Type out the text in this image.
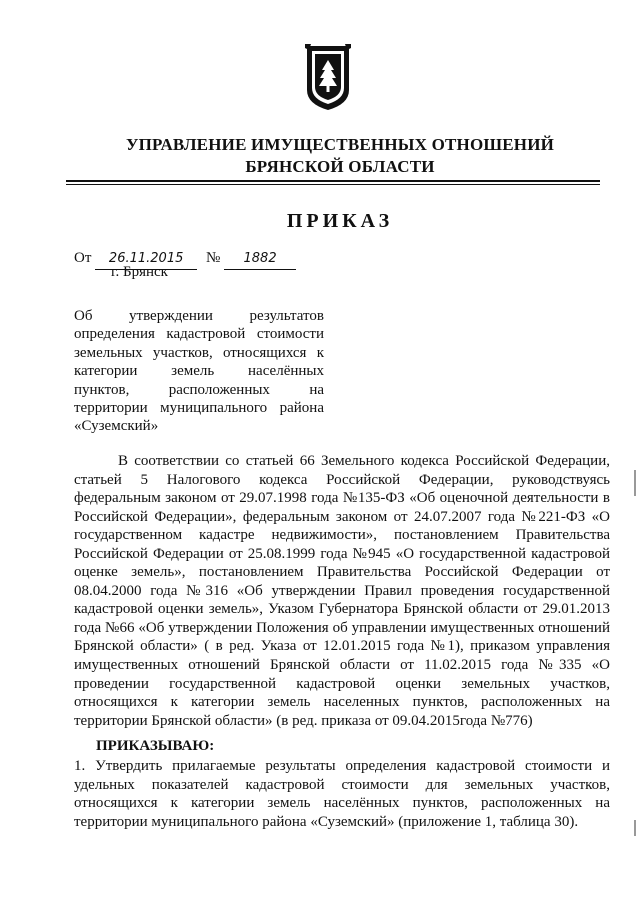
УПРАВЛЕНИЕ ИМУЩЕСТВЕННЫХ ОТНОШЕНИЙ
БРЯНСКОЙ ОБЛАСТИ
ПРИКАЗ
От 26.11.2015	№ 1882
г. Брянск
Об утверждении результатов
определения кадастровой стоимости
земельных участков, относящихся к
категории земель населённых
пунктов, расположенных на
территории муниципального района
«Суземский»
В соответствии со статьей 66 Земельного кодекса Российской Федерации,
статьей 5 Налогового кодекса Российской Федерации, руководствуясь
федеральным законом от 29.07.1998 года №135-ФЗ «Об оценочной деятельности в
Российской Федерации», федеральным законом от 24.07.2007 года №221-ФЗ «О
государственном кадастре недвижимости», постановлением Правительства
Российской Федерации от 25.08.1999 года №945 «О государственной кадастровой
оценке земель», постановлением Правительства Российской Федерации от
08.04.2000 года №316 «Об утверждении Правил проведения государственной
кадастровой оценки земель», Указом Губернатора Брянской области от 29.01.2013
года №66 «Об утверждении Положения об управлении имущественных отношений
Брянской области» ( в ред. Указа от 12.01.2015 года №1), приказом управления
имущественных отношений Брянской области от 11.02.2015 года №335 «О
проведении государственной кадастровой оценки земельных участков,
относящихся к категории земель населенных пунктов, расположенных на
территории Брянской области» (в ред. приказа от 09.04.2015года №776)
ПРИКАЗЫВАЮ:
1. Утвердить прилагаемые результаты определения кадастровой стоимости и
удельных показателей кадастровой стоимости для земельных участков,
относящихся к категории земель населённых пунктов, расположенных на
территории муниципального района «Суземский» (приложение 1, таблица 30).
